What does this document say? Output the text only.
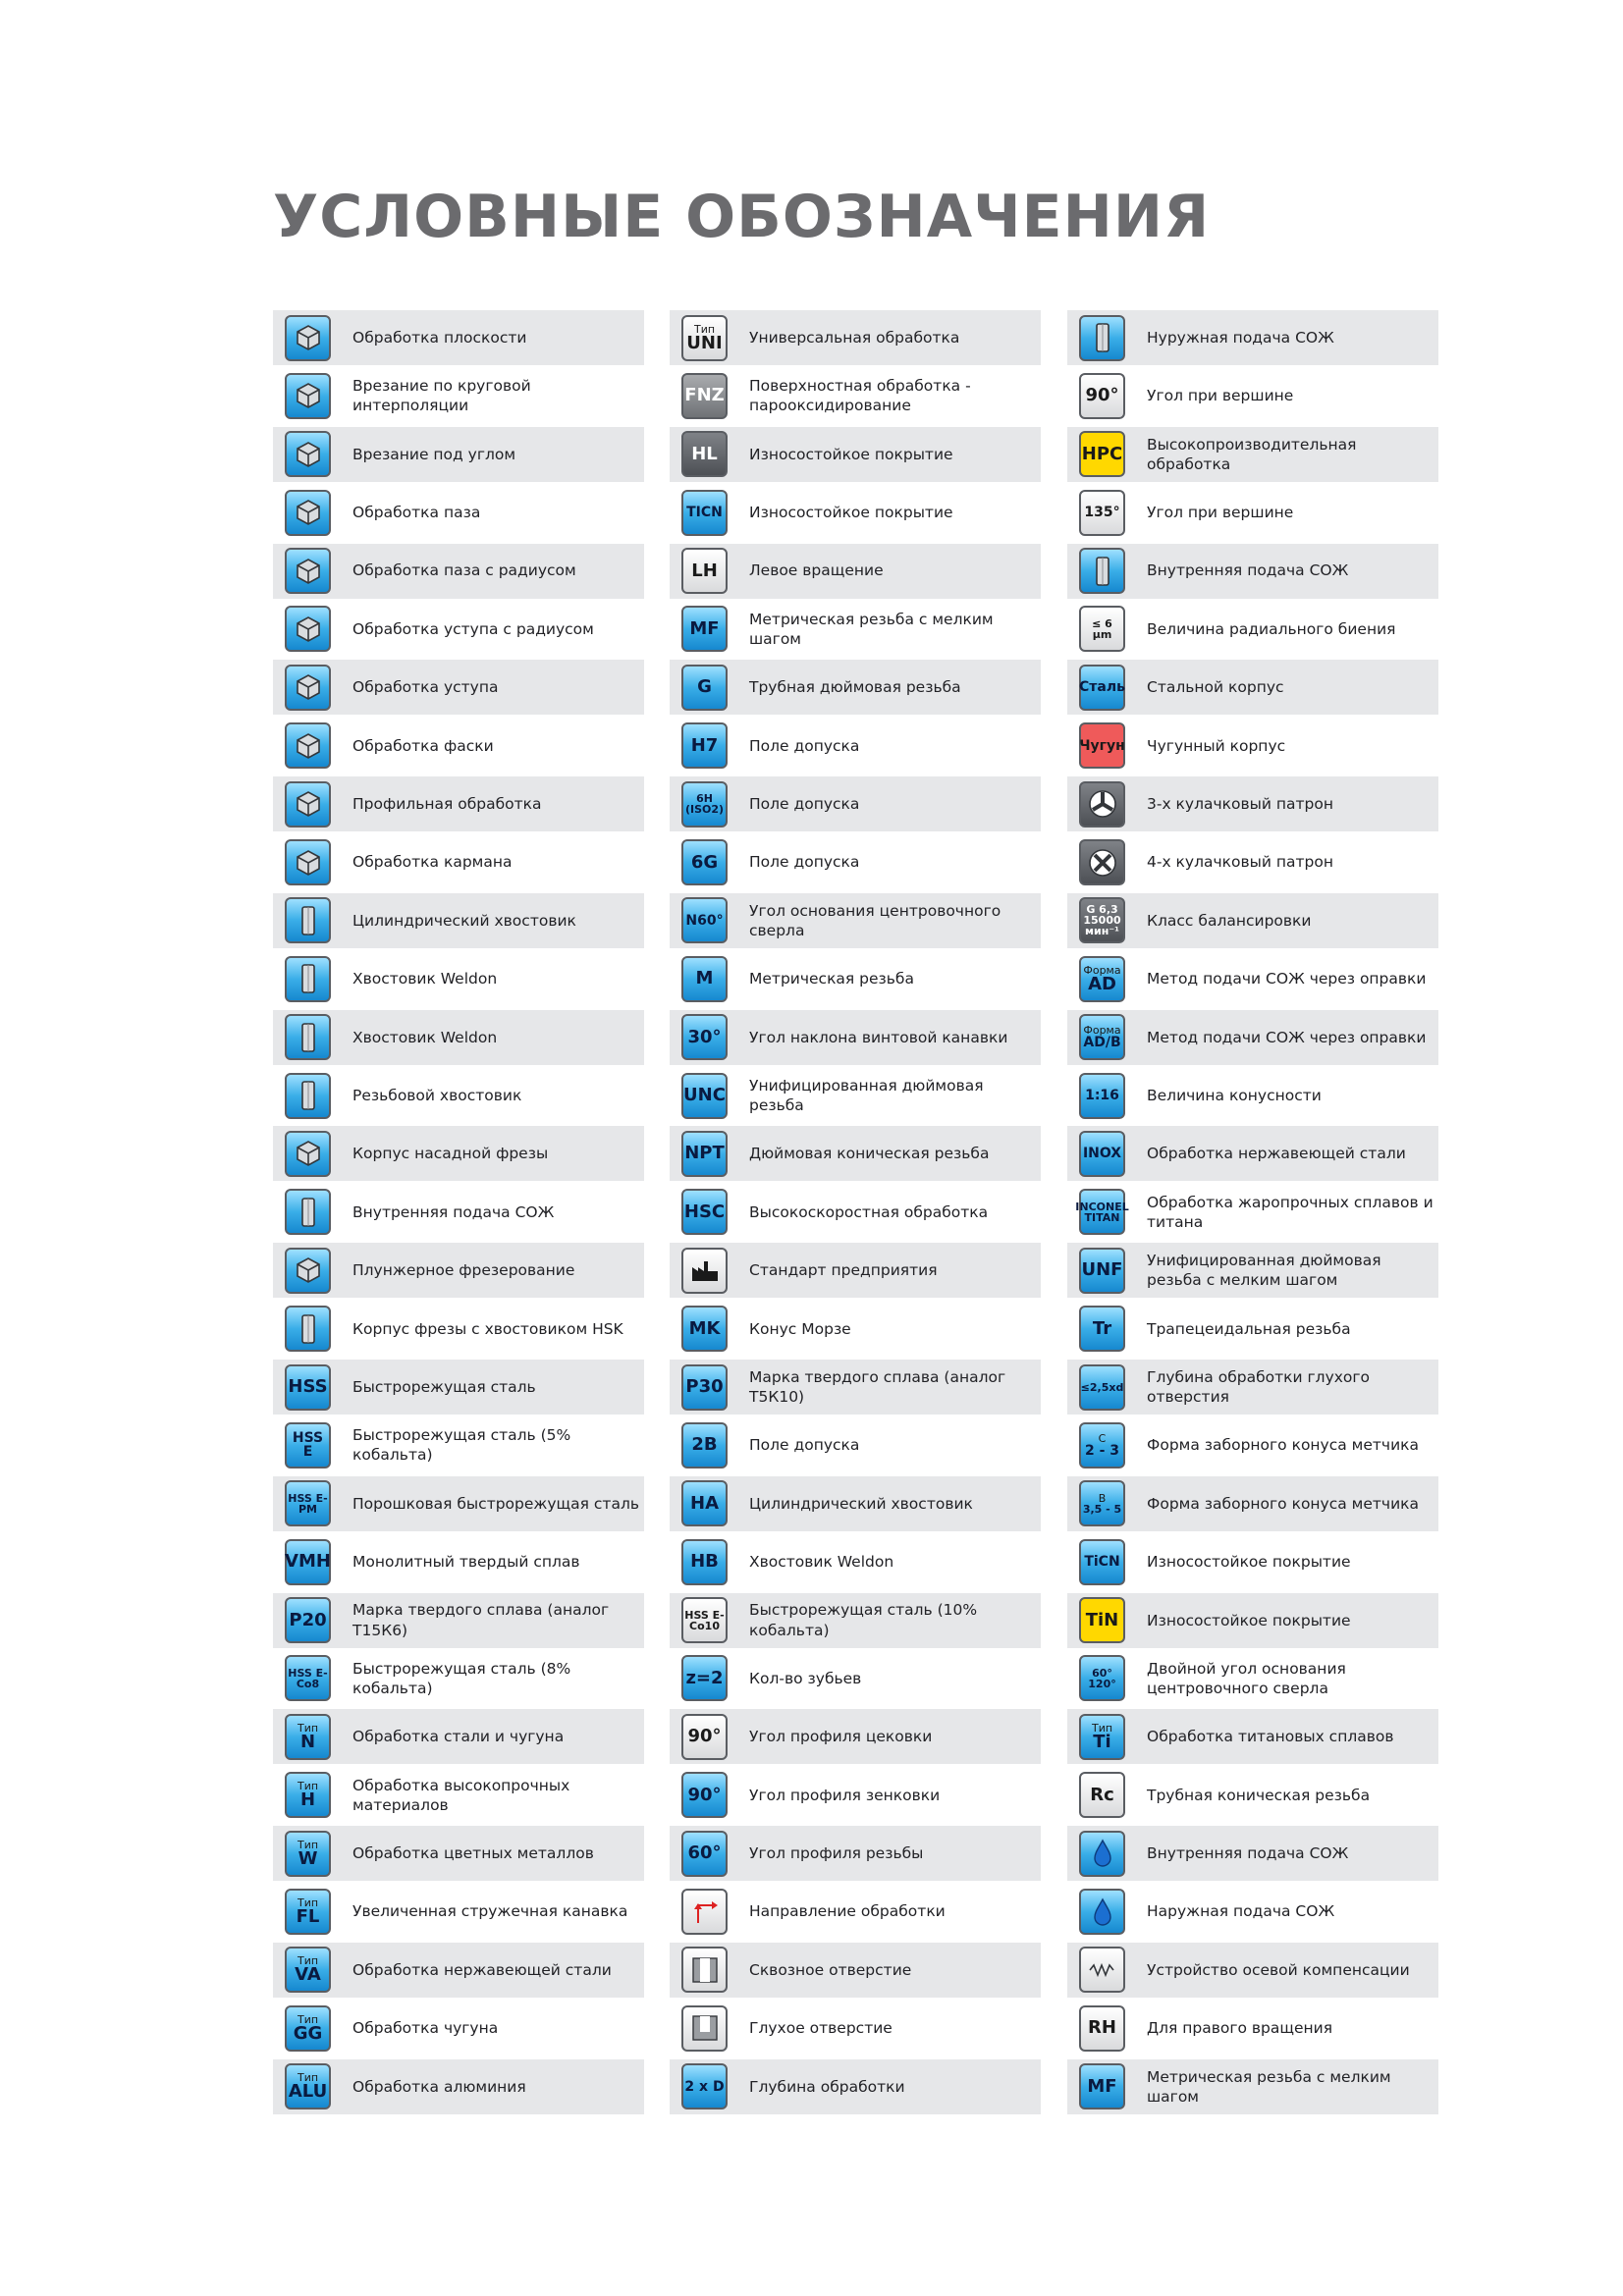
УСЛОВНЫЕ ОБОЗНАЧЕНИЯ
Обработка плоскости
Врезание по круговой интерполяции
Врезание под углом
Обработка паза
Обработка паза с радиусом
Обработка уступа с радиусом
Обработка уступа
Обработка фаски
Профильная обработка
Обработка кармана
Цилиндрический хвостовик
Хвостовик Weldon
Хвостовик Weldon
Резьбовой хвостовик
Корпус насадной фрезы
Внутренняя подача СОЖ
Плунжерное фрезерование
Корпус фрезы с хвостовиком HSK
HSS Быстрорежущая сталь
HSS E
Быстрорежущая сталь (5% кобальта)
HSS E-PM	Порошковая быстрорежущая сталь
VMH Монолитный твердый сплав
P20 Марка твердого сплава (аналог Т15К6)
HSS E-Co8
Быстрорежущая сталь (8% кобальта)
Тип
N Обработка стали и чугуна
Тип
H
Обработка высокопрочных материалов
Тип
W Обработка цветных металлов
Тип
FL Увеличенная стружечная канавка
Тип
VA Обработка нержавеющей стали
Тип
GG Обработка чугуна
Тип
ALU Обработка алюминия
Тип
UNI Универсальная обработка
FNZ Поверхностная обработка - пароокcидирование
HL Износостойкое покрытие
TICN Износостойкое покрытие
LH Левое вращение
MF Метрическая резьба с мелким шагом
G Трубная дюймовая резьба
H7 Поле допуска
6H (ISO2) Поле допуска
6G Поле допуска
N60°
Угол основания центровочного сверла
M Метрическая резьба
30° Угол наклона винтовой канавки
UNC Унифицированная дюймовая резьба
NPT Дюймовая коническая резьба
HSC Высокоскоростная обработка
Стандарт предприятия
MK Конус Морзе
P30 Марка твердого сплава (аналог Т5К10)
2B Поле допуска
HA Цилиндрический хвостовик
HB Хвостовик Weldon
HSS E-Co10
Быстрорежущая сталь (10% кобальта)
z=2 Кол-во зубьев
90° Угол профиля цековки
90° Угол профиля зенковки
60° Угол профиля резьбы
Направление обработки
Сквозное отверстие
Глухое отверстие
2 x D Глубина обработки
Нуружная подача СОЖ
90° Угол при вершине
HPC Высокопроизводительная обработка
135° Угол при вершине
Внутренняя подача СОЖ
≤ 6 μm	Величина радиального биения
Сталь Стальной корпус
Чугун Чугунный корпус
3-х кулачковый патрон
4-х кулачковый патрон
G 6,3 15000 мин⁻¹
Класс балансировки
Форма
AD Метод подачи СОЖ через оправки
Форма
AD/B Метод подачи СОЖ через оправки
1:16 Величина конусности
INOX Обработка нержавеющей стали
INCONEL TITAN
Обработка жаропрочных сплавов и титана
UNF Унифицированная дюймовая резьба с мелким шагом
Tr Трапецеидальная резьба
≤2,5xd
Глубина обработки глухого отверстия
C
2 - 3 Форма заборного конуса метчика
B
3,5 - 5 Форма заборного конуса метчика
TiCN Износостойкое покрытие
TiN Износостойкое покрытие
60° 120°
Двойной угол основания центровочного сверла
Тип
Ti Обработка титановых сплавов
Rc Трубная коническая резьба
Внутренняя подача СОЖ
Наружная подача СОЖ
Устройство осевой компенсации
RH Для правого вращения
MF Метрическая резьба с мелким шагом
